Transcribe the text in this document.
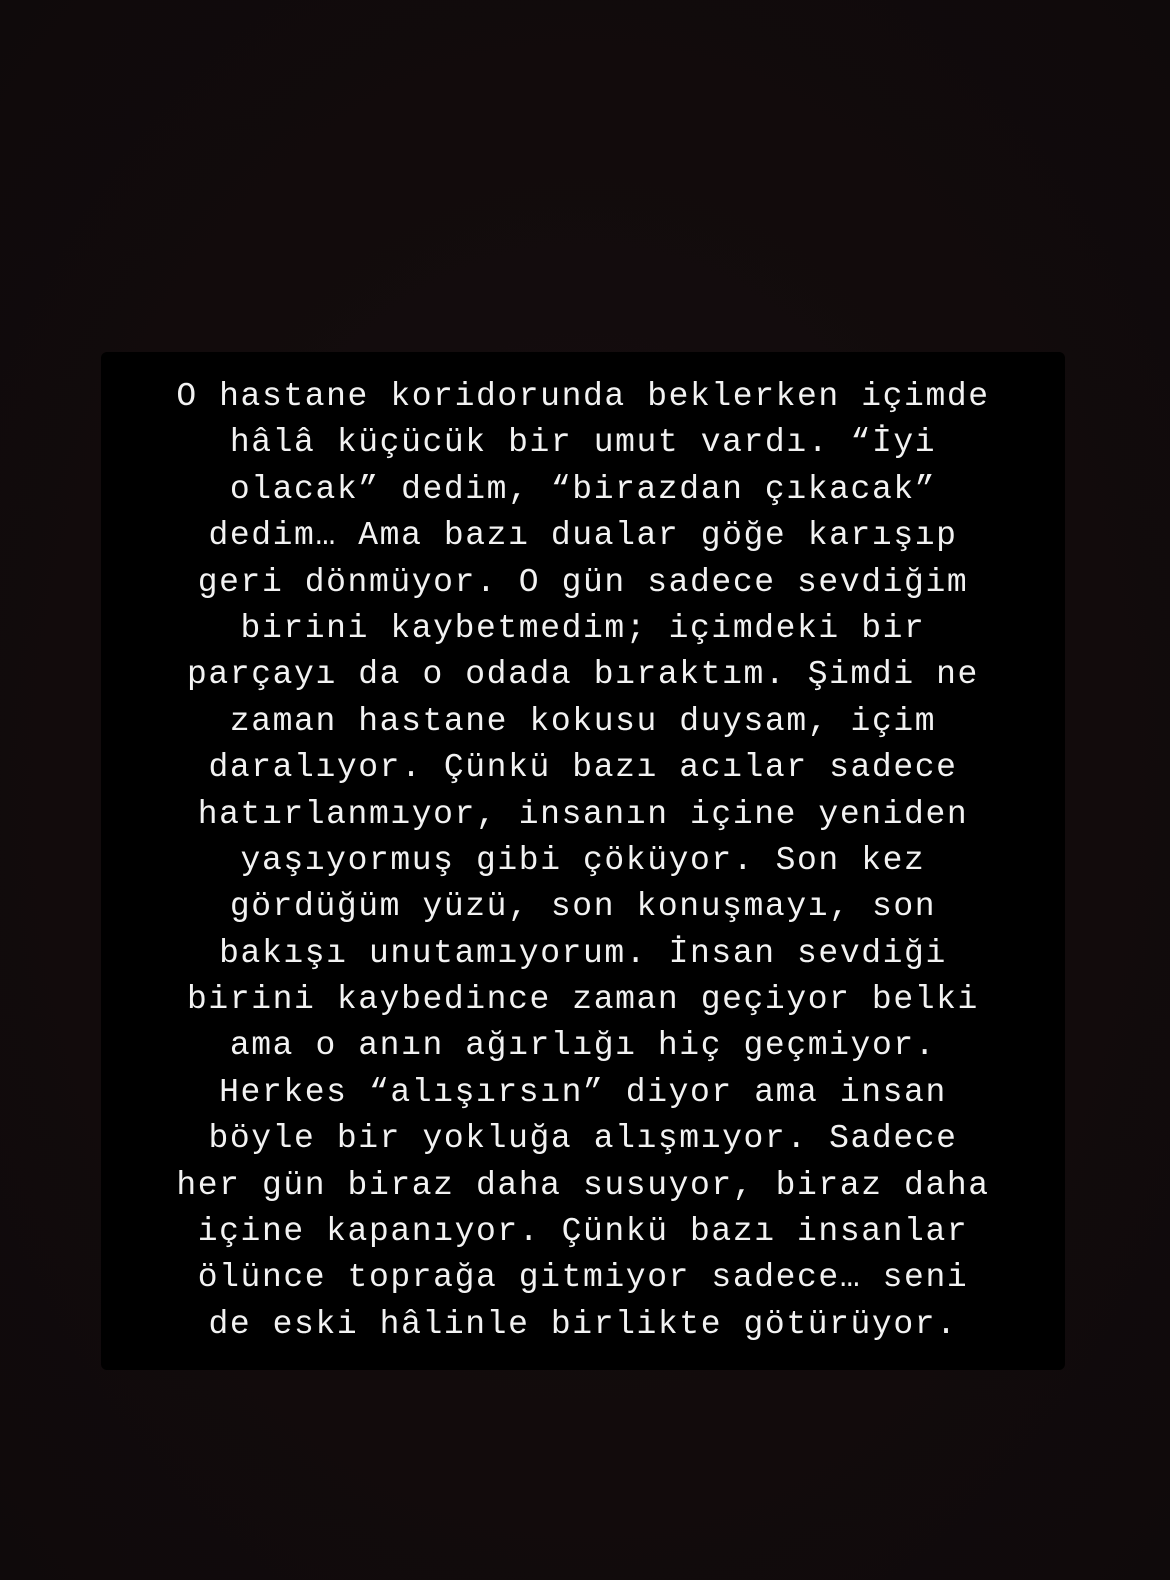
O hastane koridorunda beklerken içimde
hâlâ küçücük bir umut vardı. “İyi
olacak” dedim, “birazdan çıkacak”
dedim… Ama bazı dualar göğe karışıp
geri dönmüyor. O gün sadece sevdiğim
birini kaybetmedim; içimdeki bir
parçayı da o odada bıraktım. Şimdi ne
zaman hastane kokusu duysam, içim
daralıyor. Çünkü bazı acılar sadece
hatırlanmıyor, insanın içine yeniden
yaşıyormuş gibi çöküyor. Son kez
gördüğüm yüzü, son konuşmayı, son
bakışı unutamıyorum. İnsan sevdiği
birini kaybedince zaman geçiyor belki
ama o anın ağırlığı hiç geçmiyor.
Herkes “alışırsın” diyor ama insan
böyle bir yokluğa alışmıyor. Sadece
her gün biraz daha susuyor, biraz daha
içine kapanıyor. Çünkü bazı insanlar
ölünce toprağa gitmiyor sadece… seni
de eski hâlinle birlikte götürüyor.
